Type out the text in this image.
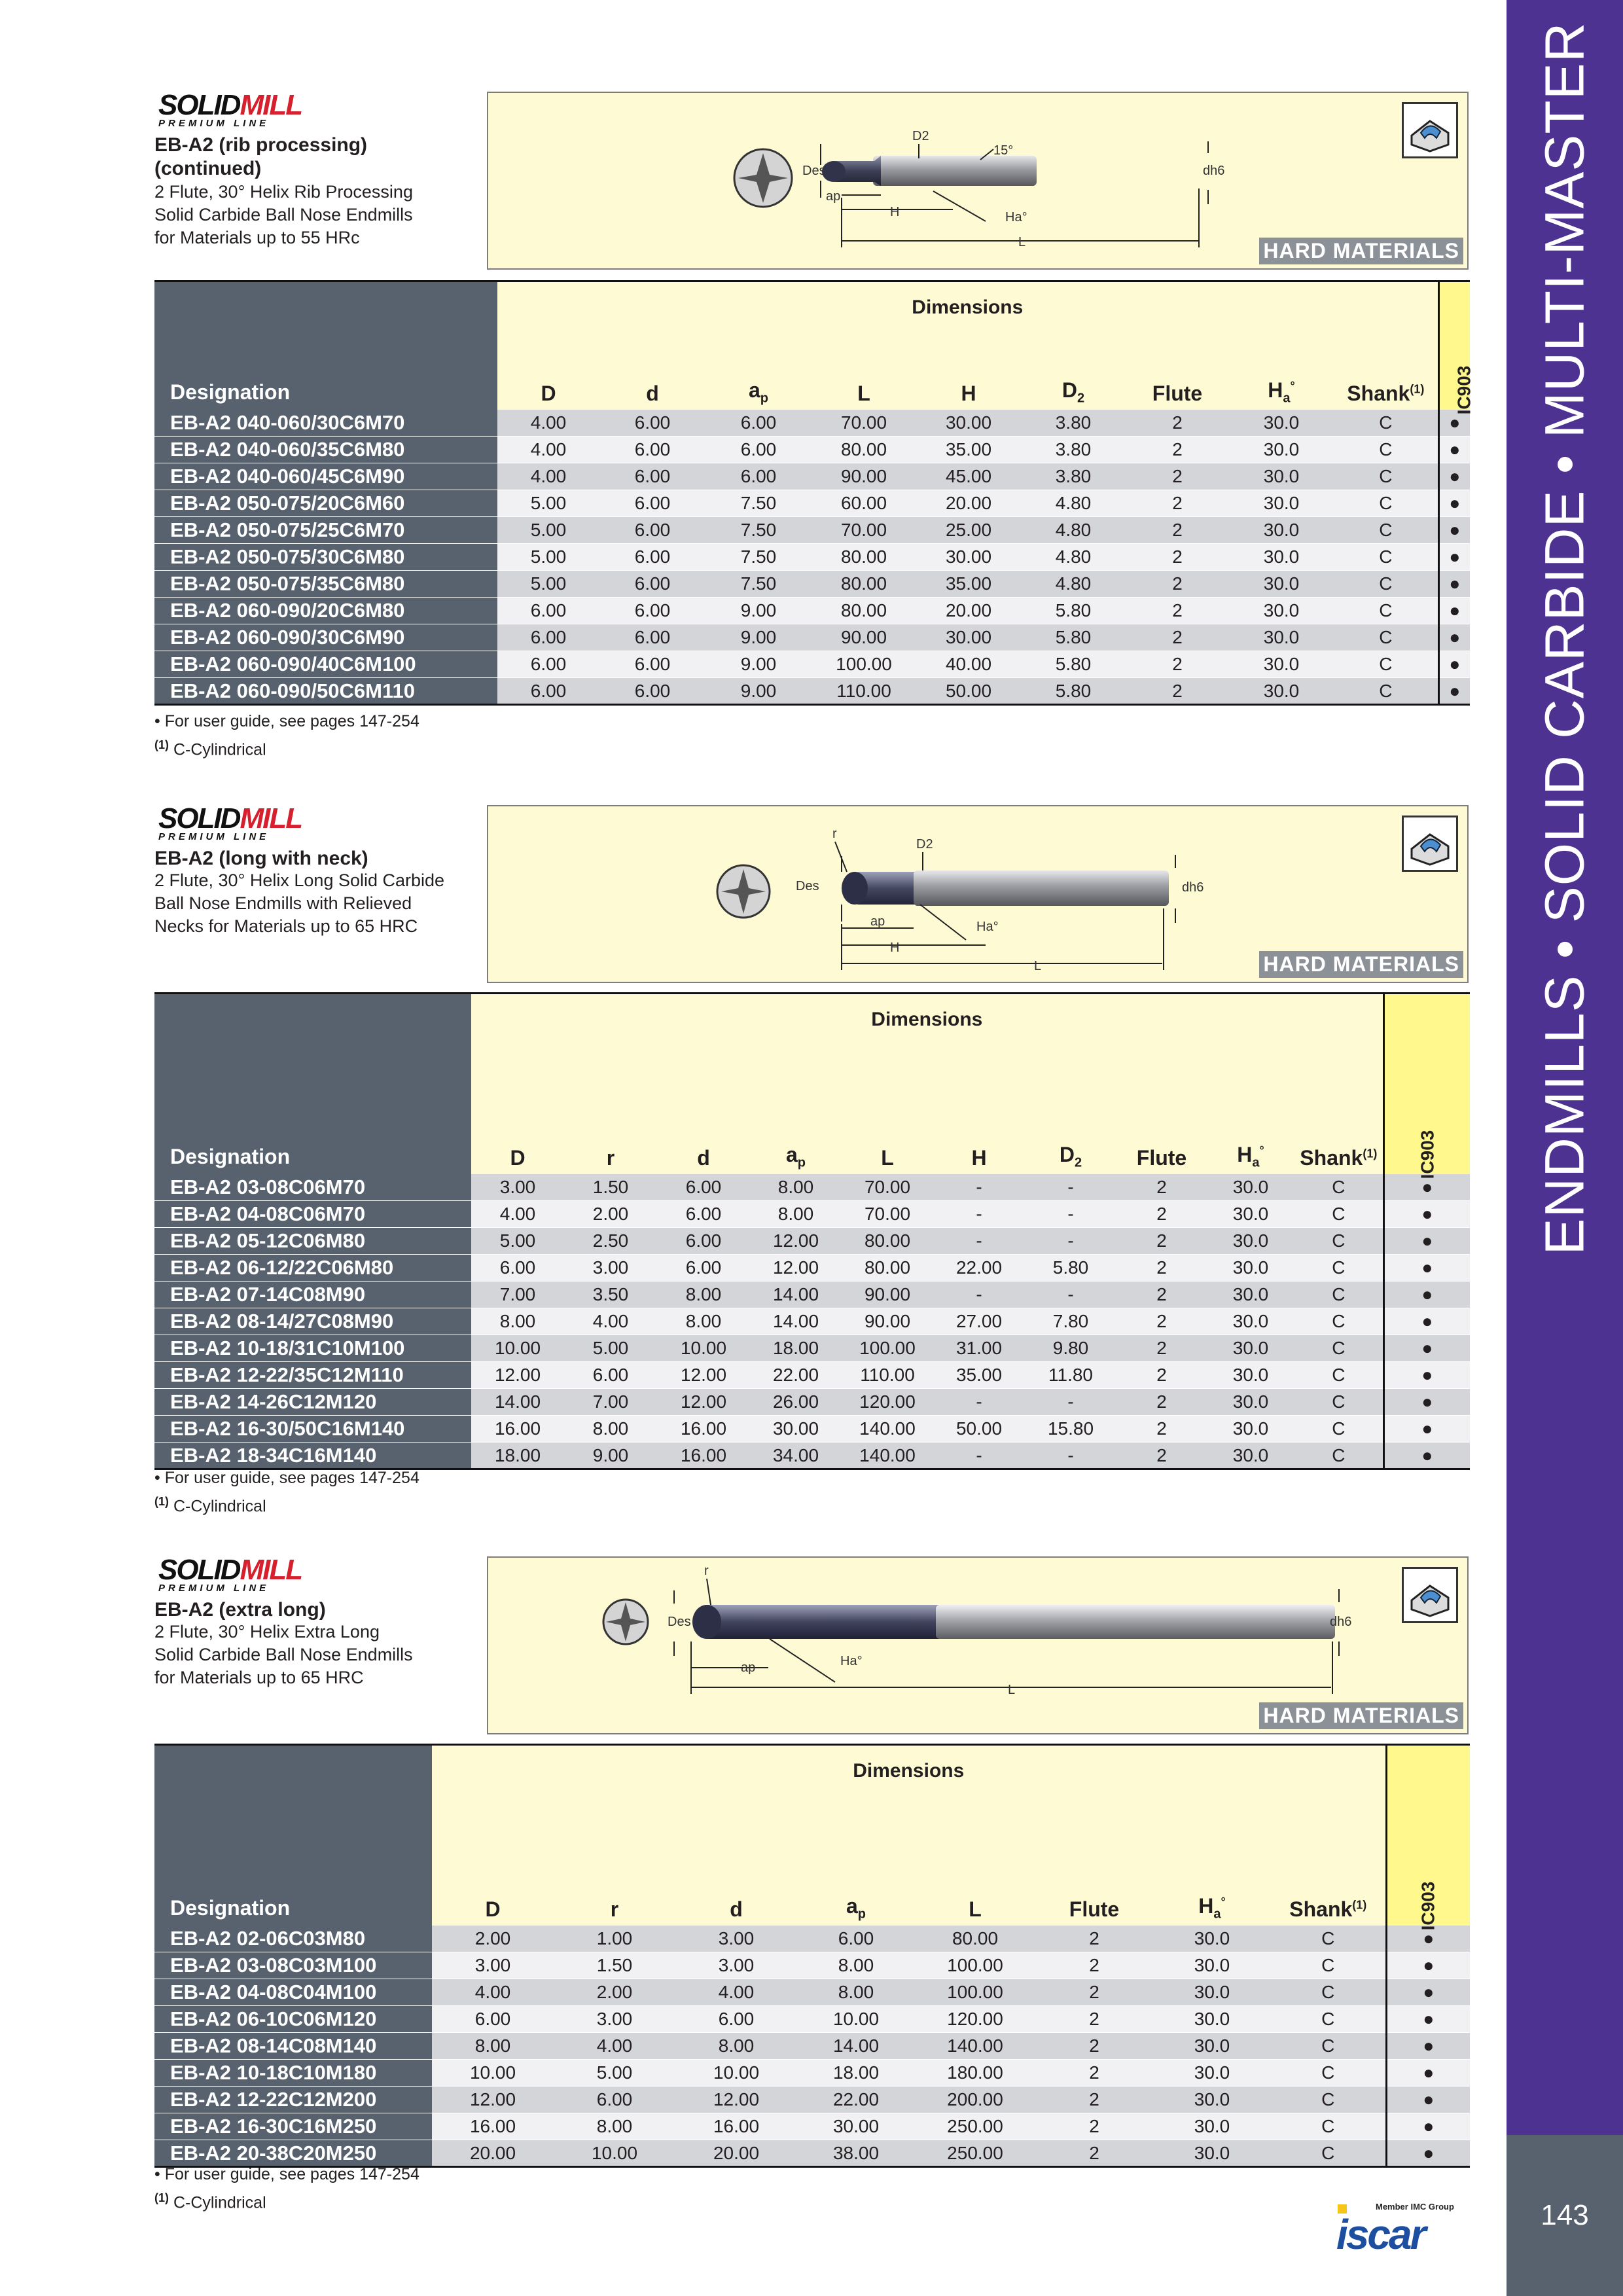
ENDMILLS • SOLID CARBIDE • MULTI-MASTER
143
SOLIDMILL
PREMIUM LINE
EB-A2 (rib processing)
(continued)
2 Flute, 30° Helix Rib Processing
Solid Carbide Ball Nose Endmills
for Materials up to 55 HRc
Des
D2
15°
dh6
ap
H	Ha°
L	HARD MATERIALS
Designation	Dimensions									IC903
	D	d	$a_p$	L	H	$D_2$	Flute	$H_a^\circ$	Shank$^{(1)}$
EB-A2 040-060/30C6M70	4.00	6.00	6.00	70.00	30.00	3.80	2	30.0	C	●
EB-A2 040-060/35C6M80	4.00	6.00	6.00	80.00	35.00	3.80	2	30.0	C	●
EB-A2 040-060/45C6M90	4.00	6.00	6.00	90.00	45.00	3.80	2	30.0	C	●
EB-A2 050-075/20C6M60	5.00	6.00	7.50	60.00	20.00	4.80	2	30.0	C	●
EB-A2 050-075/25C6M70	5.00	6.00	7.50	70.00	25.00	4.80	2	30.0	C	●
EB-A2 050-075/30C6M80	5.00	6.00	7.50	80.00	30.00	4.80	2	30.0	C	●
EB-A2 050-075/35C6M80	5.00	6.00	7.50	80.00	35.00	4.80	2	30.0	C	●
EB-A2 060-090/20C6M80	6.00	6.00	9.00	80.00	20.00	5.80	2	30.0	C	●
EB-A2 060-090/30C6M90	6.00	6.00	9.00	90.00	30.00	5.80	2	30.0	C	●
EB-A2 060-090/40C6M100	6.00	6.00	9.00	100.00	40.00	5.80	2	30.0	C	●
EB-A2 060-090/50C6M110	6.00	6.00	9.00	110.00	50.00	5.80	2	30.0	C	●
• For user guide, see pages 147-254
$^{(1)}$ C-Cylindrical
SOLIDMILL
PREMIUM LINE
EB-A2 (long with neck)
2 Flute, 30° Helix Long Solid Carbide
Ball Nose Endmills with Relieved
Necks for Materials up to 65 HRC
Des
r
D2
dh6
ap
H
Ha°
L	HARD MATERIALS
Designation	Dimensions										IC903
	D	r	d	$a_p$	L	H	$D_2$	Flute	$H_a^\circ$	Shank$^{(1)}$
EB-A2 03-08C06M70	3.00	1.50	6.00	8.00	70.00	-	-	2	30.0	C	●
EB-A2 04-08C06M70	4.00	2.00	6.00	8.00	70.00	-	-	2	30.0	C	●
EB-A2 05-12C06M80	5.00	2.50	6.00	12.00	80.00	-	-	2	30.0	C	●
EB-A2 06-12/22C06M80	6.00	3.00	6.00	12.00	80.00	22.00	5.80	2	30.0	C	●
EB-A2 07-14C08M90	7.00	3.50	8.00	14.00	90.00	-	-	2	30.0	C	●
EB-A2 08-14/27C08M90	8.00	4.00	8.00	14.00	90.00	27.00	7.80	2	30.0	C	●
EB-A2 10-18/31C10M100	10.00	5.00	10.00	18.00	100.00	31.00	9.80	2	30.0	C	●
EB-A2 12-22/35C12M110	12.00	6.00	12.00	22.00	110.00	35.00	11.80	2	30.0	C	●
EB-A2 14-26C12M120	14.00	7.00	12.00	26.00	120.00	-	-	2	30.0	C	●
EB-A2 16-30/50C16M140	16.00	8.00	16.00	30.00	140.00	50.00	15.80	2	30.0	C	●
EB-A2 18-34C16M140	18.00	9.00	16.00	34.00	140.00	-	-	2	30.0	C	●
• For user guide, see pages 147-254
$^{(1)}$ C-Cylindrical
SOLIDMILL
PREMIUM LINE
EB-A2 (extra long)
2 Flute, 30° Helix Extra Long
Solid Carbide Ball Nose Endmills
for Materials up to 65 HRC
Des
r
dh6
ap	Ha°
L
HARD MATERIALS
Designation	Dimensions								IC903
	D	r	d	$a_p$	L	Flute	$H_a^\circ$	Shank$^{(1)}$
EB-A2 02-06C03M80	2.00	1.00	3.00	6.00	80.00	2	30.0	C	●
EB-A2 03-08C03M100	3.00	1.50	3.00	8.00	100.00	2	30.0	C	●
EB-A2 04-08C04M100	4.00	2.00	4.00	8.00	100.00	2	30.0	C	●
EB-A2 06-10C06M120	6.00	3.00	6.00	10.00	120.00	2	30.0	C	●
EB-A2 08-14C08M140	8.00	4.00	8.00	14.00	140.00	2	30.0	C	●
EB-A2 10-18C10M180	10.00	5.00	10.00	18.00	180.00	2	30.0	C	●
EB-A2 12-22C12M200	12.00	6.00	12.00	22.00	200.00	2	30.0	C	●
EB-A2 16-30C16M250	16.00	8.00	16.00	30.00	250.00	2	30.0	C	●
EB-A2 20-38C20M250	20.00	10.00	20.00	38.00	250.00	2	30.0	C	●
• For user guide, see pages 147-254
$^{(1)}$ C-Cylindrical	Member IMC Group
iscar
